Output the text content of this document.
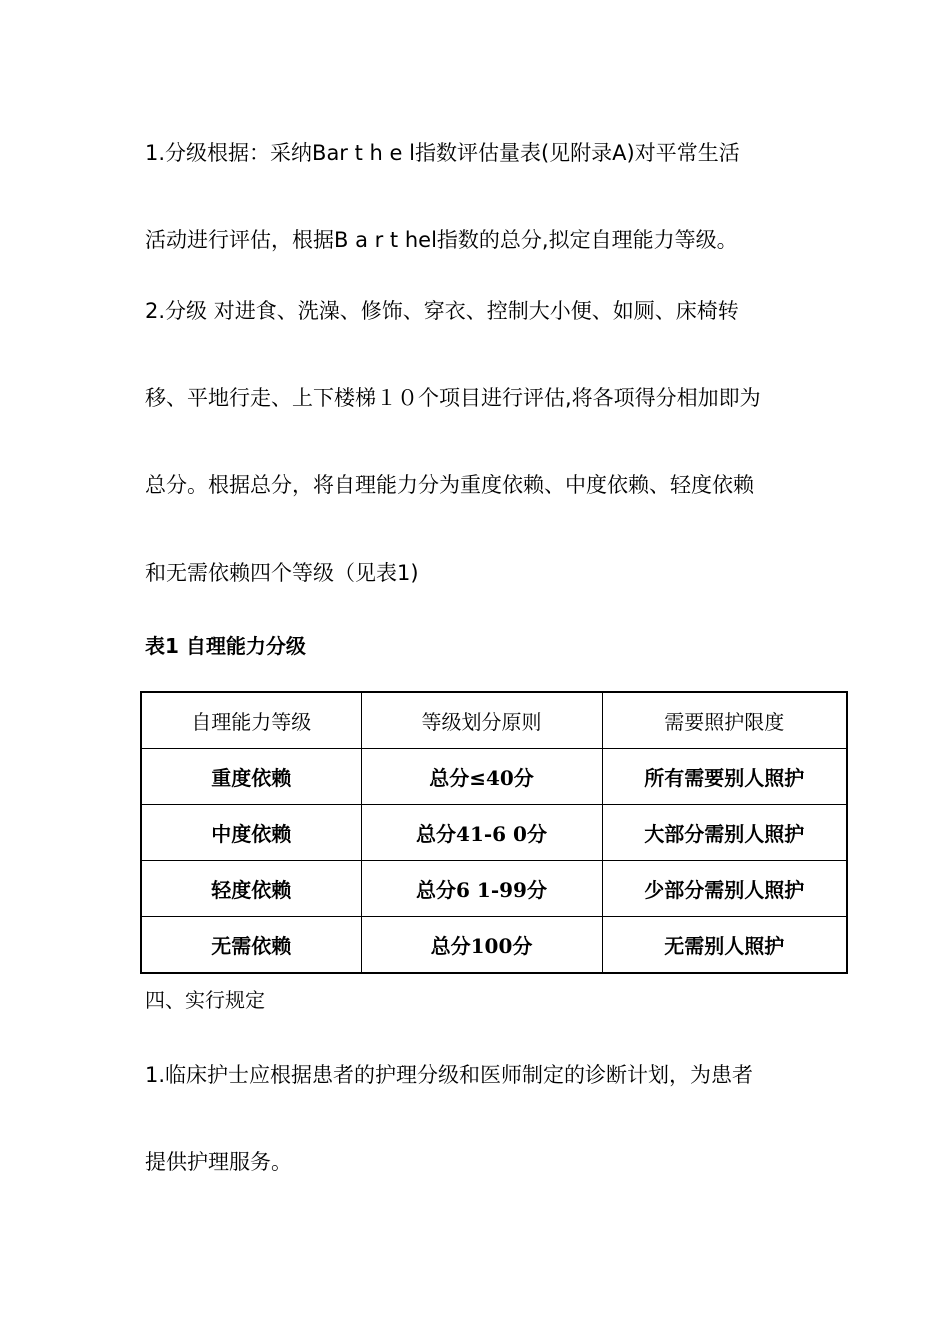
1.分级根据：采纳Bar t h e l指数评估量表(见附录A)对平常生活
活动进行评估，根据B a r t hel指数的总分,拟定自理能力等级。
2.分级 对进食、洗澡、修饰、穿衣、控制大小便、如厕、床椅转
移、平地行走、上下楼梯１０个项目进行评估,将各项得分相加即为
总分。根据总分，将自理能力分为重度依赖、中度依赖、轻度依赖
和无需依赖四个等级（见表1)
表1 自理能力分级
自理能力等级	等级划分原则	需要照护限度
重度依赖	总分≤40分	所有需要别人照护
中度依赖	总分41-6 0分	大部分需别人照护
轻度依赖	总分6 1-99分	少部分需别人照护
无需依赖	总分100分	无需别人照护
四、实行规定
1.临床护士应根据患者的护理分级和医师制定的诊断计划，为患者
提供护理服务。
